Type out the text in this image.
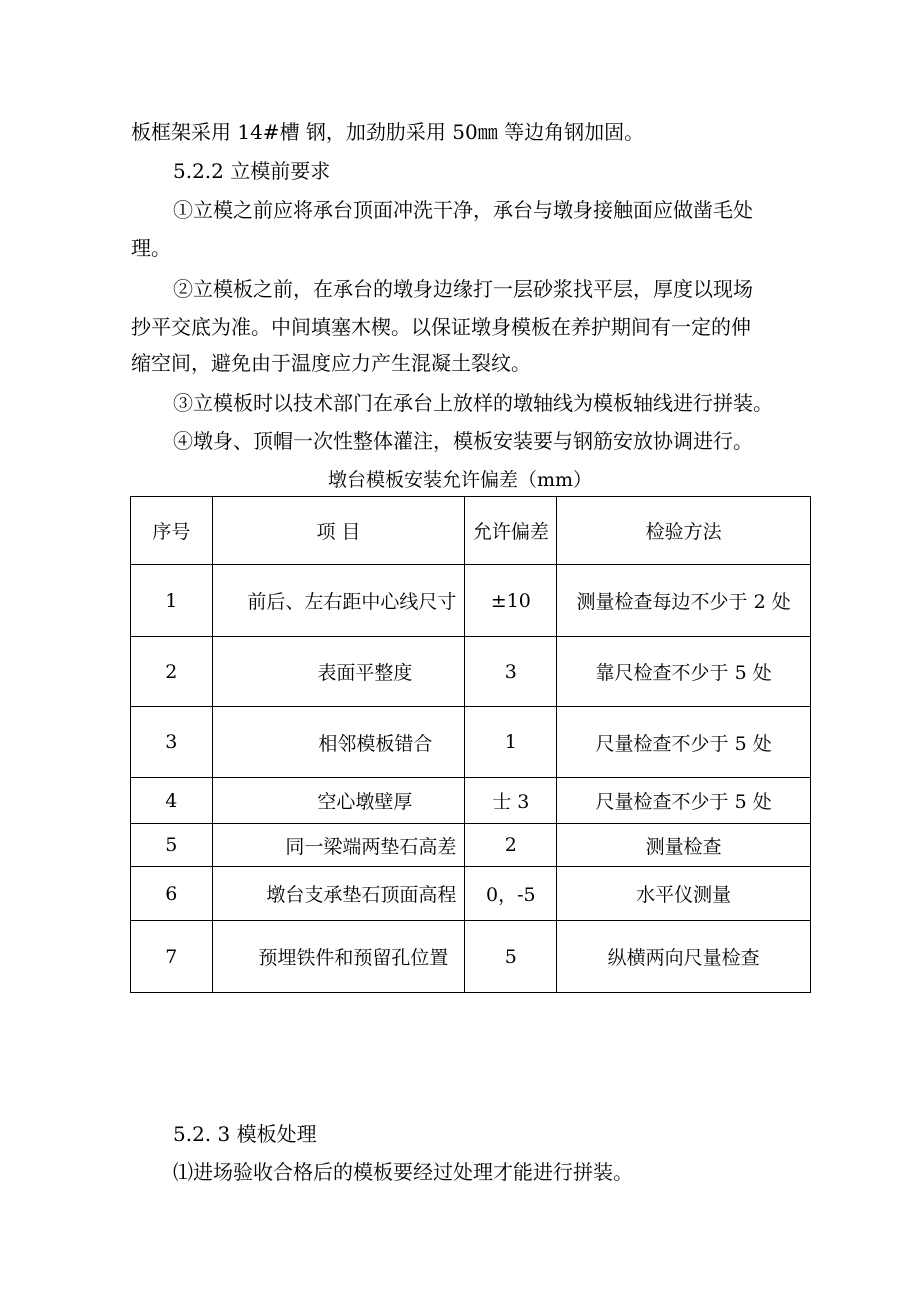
板框架采用 14#槽 钢，加劲肋采用 50㎜ 等边角钢加固。
5.2.2 立模前要求
①立模之前应将承台顶面冲洗干净，承台与墩身接触面应做凿毛处
理。
②立模板之前，在承台的墩身边缘打一层砂浆找平层，厚度以现场
抄平交底为准。中间填塞木楔。以保证墩身模板在养护期间有一定的伸
缩空间，避免由于温度应力产生混凝土裂纹。
③立模板时以技术部门在承台上放样的墩轴线为模板轴线进行拼装。
④墩身、顶帽一次性整体灌注，模板安装要与钢筋安放协调进行。
墩台模板安装允许偏差（mm）
序号	项 目	允许偏差	检验方法
1	前后、左右距中心线尺寸	±10	测量检查每边不少于 2 处
2	表面平整度	3	靠尺检查不少于 5 处
3	相邻模板错合	1	尺量检查不少于 5 处
4	空心墩壁厚	士 3	尺量检查不少于 5 处
5	同一梁端两垫石高差	2	测量检查
6	墩台支承垫石顶面高程	0，-5	水平仪测量
7	预埋铁件和预留孔位置	5	纵横两向尺量检查
5.2. 3 模板处理
⑴进场验收合格后的模板要经过处理才能进行拼装。
